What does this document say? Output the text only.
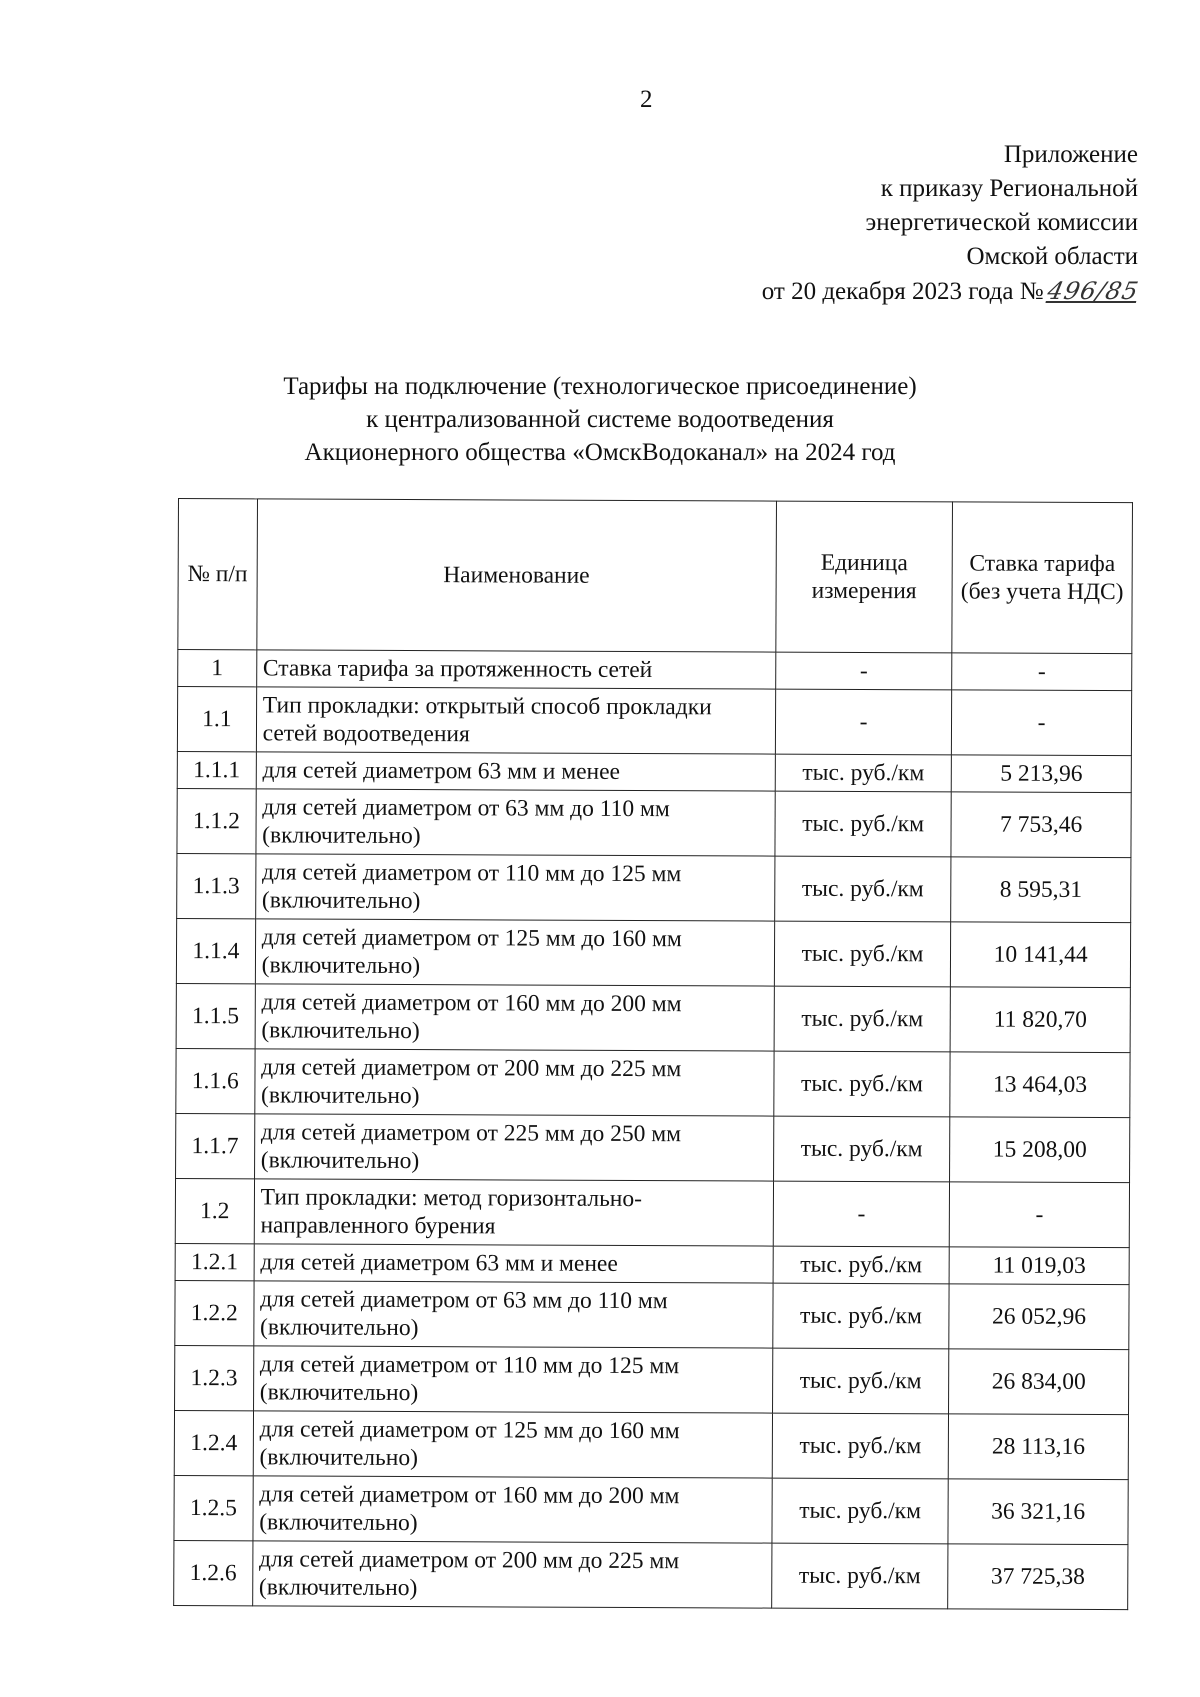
2
Приложение
к приказу Региональной
энергетической комиссии
Омской области
от 20 декабря 2023 года №496/85
Тарифы на подключение (технологическое присоединение)
к централизованной системе водоотведения
Акционерного общества «ОмскВодоканал» на 2024 год
№ п/п	Наименование	Единица измерения	Ставка тарифа (без учета НДС)
1	Ставка тарифа за протяженность сетей	-	-
1.1	Тип прокладки: открытый способ прокладки сетей водоотведения	-	-
1.1.1	для сетей диаметром 63 мм и менее	тыс. руб./км	5 213,96
1.1.2	для сетей диаметром от 63 мм до 110 мм (включительно)	тыс. руб./км	7 753,46
1.1.3	для сетей диаметром от 110 мм до 125 мм (включительно)	тыс. руб./км	8 595,31
1.1.4	для сетей диаметром от 125 мм до 160 мм (включительно)	тыс. руб./км	10 141,44
1.1.5	для сетей диаметром от 160 мм до 200 мм (включительно)	тыс. руб./км	11 820,70
1.1.6	для сетей диаметром от 200 мм до 225 мм (включительно)	тыс. руб./км	13 464,03
1.1.7	для сетей диаметром от 225 мм до 250 мм (включительно)	тыс. руб./км	15 208,00
1.2	Тип прокладки: метод горизонтально-направленного бурения	-	-
1.2.1	для сетей диаметром 63 мм и менее	тыс. руб./км	11 019,03
1.2.2	для сетей диаметром от 63 мм до 110 мм (включительно)	тыс. руб./км	26 052,96
1.2.3	для сетей диаметром от 110 мм до 125 мм (включительно)	тыс. руб./км	26 834,00
1.2.4	для сетей диаметром от 125 мм до 160 мм (включительно)	тыс. руб./км	28 113,16
1.2.5	для сетей диаметром от 160 мм до 200 мм (включительно)	тыс. руб./км	36 321,16
1.2.6	для сетей диаметром от 200 мм до 225 мм (включительно)	тыс. руб./км	37 725,38
